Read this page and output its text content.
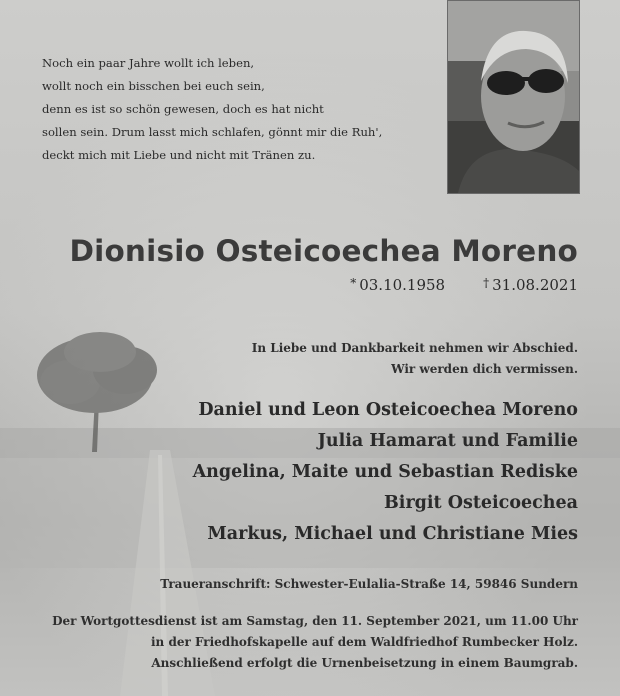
Noch ein paar Jahre wollt ich leben,
wollt noch ein bisschen bei euch sein,
denn es ist so schön gewesen, doch es hat nicht
sollen sein. Drum lasst mich schlafen, gönnt mir die Ruh',
deckt mich mit Liebe und nicht mit Tränen zu.
Dionisio Osteicoechea Moreno
* 03.10.1958	† 31.08.2021
In Liebe und Dankbarkeit nehmen wir Abschied.
Wir werden dich vermissen.
Daniel und Leon Osteicoechea Moreno
Julia Hamarat und Familie
Angelina, Maite und Sebastian Rediske
Birgit Osteicoechea
Markus, Michael und Christiane Mies
Traueranschrift: Schwester-Eulalia-Straße 14, 59846 Sundern
Der Wortgottesdienst ist am Samstag, den 11. September 2021, um 11.00 Uhr
in der Friedhofskapelle auf dem Waldfriedhof Rumbecker Holz.
Anschließend erfolgt die Urnenbeisetzung in einem Baumgrab.
